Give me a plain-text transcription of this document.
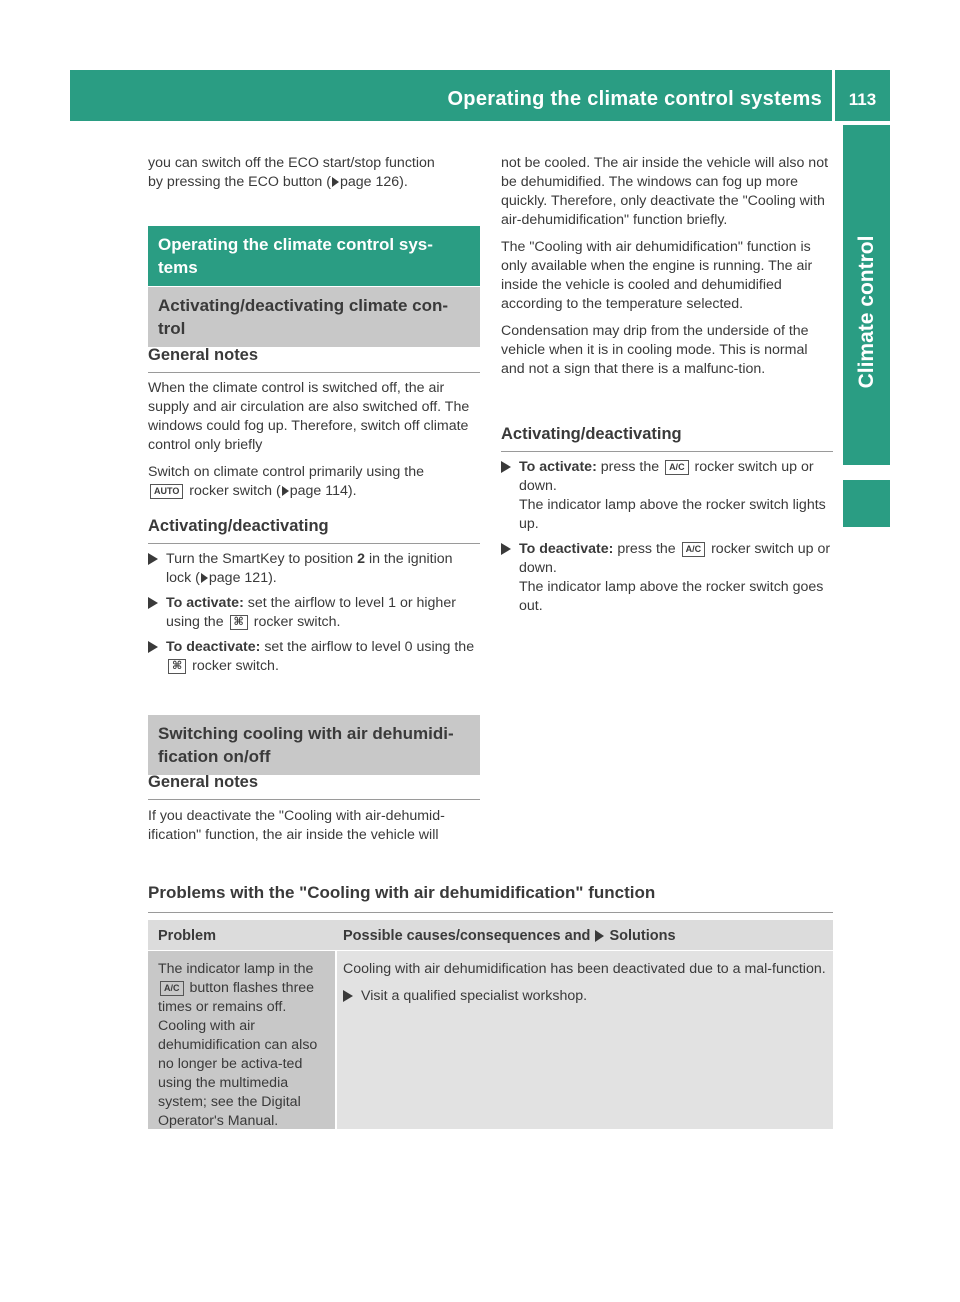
Operating the climate control systems	113
Climate control

you can switch off the ECO start/stop function
by pressing the ECO button ( page 126).

Operating the climate control sys-tems
Activating/deactivating climate con-trol
General notes

When the climate control is switched off, the air supply and air circulation are also switched off. The windows could fog up. Therefore, switch off climate control only briefly

Switch on climate control primarily using the
AUTO rocker switch ( page 114).

Activating/deactivating
Turn the SmartKey to position 2 in the ignition lock ( page 121).
To activate: set the airflow to level 1 or higher using the ⌘ rocker switch.
To deactivate: set the airflow to level 0 using the ⌘ rocker switch.
Switching cooling with air dehumidi-fication on/off
General notes

If you deactivate the "Cooling with air-dehumid-ification" function, the air inside the vehicle will

not be cooled. The air inside the vehicle will also not be dehumidified. The windows can fog up more quickly. Therefore, only deactivate the "Cooling with air-dehumidification" function briefly.

The "Cooling with air dehumidification" function is only available when the engine is running. The air inside the vehicle is cooled and dehumidified according to the temperature selected.

Condensation may drip from the underside of the vehicle when it is in cooling mode. This is normal and not a sign that there is a malfunc-tion.

Activating/deactivating
To activate: press the A/C rocker switch up or down.
The indicator lamp above the rocker switch lights up.
To deactivate: press the A/C rocker switch up or down.
The indicator lamp above the rocker switch goes out.
Problems with the "Cooling with air dehumidification" function
Problem	Possible causes/consequences and Solutions
The indicator lamp in the
A/C button flashes three times or remains off. Cooling with air dehumidification can also no longer be activa-ted using the multimedia system; see the Digital Operator's Manual.

Cooling with air dehumidification has been deactivated due to a mal-function.

Visit a qualified specialist workshop.
